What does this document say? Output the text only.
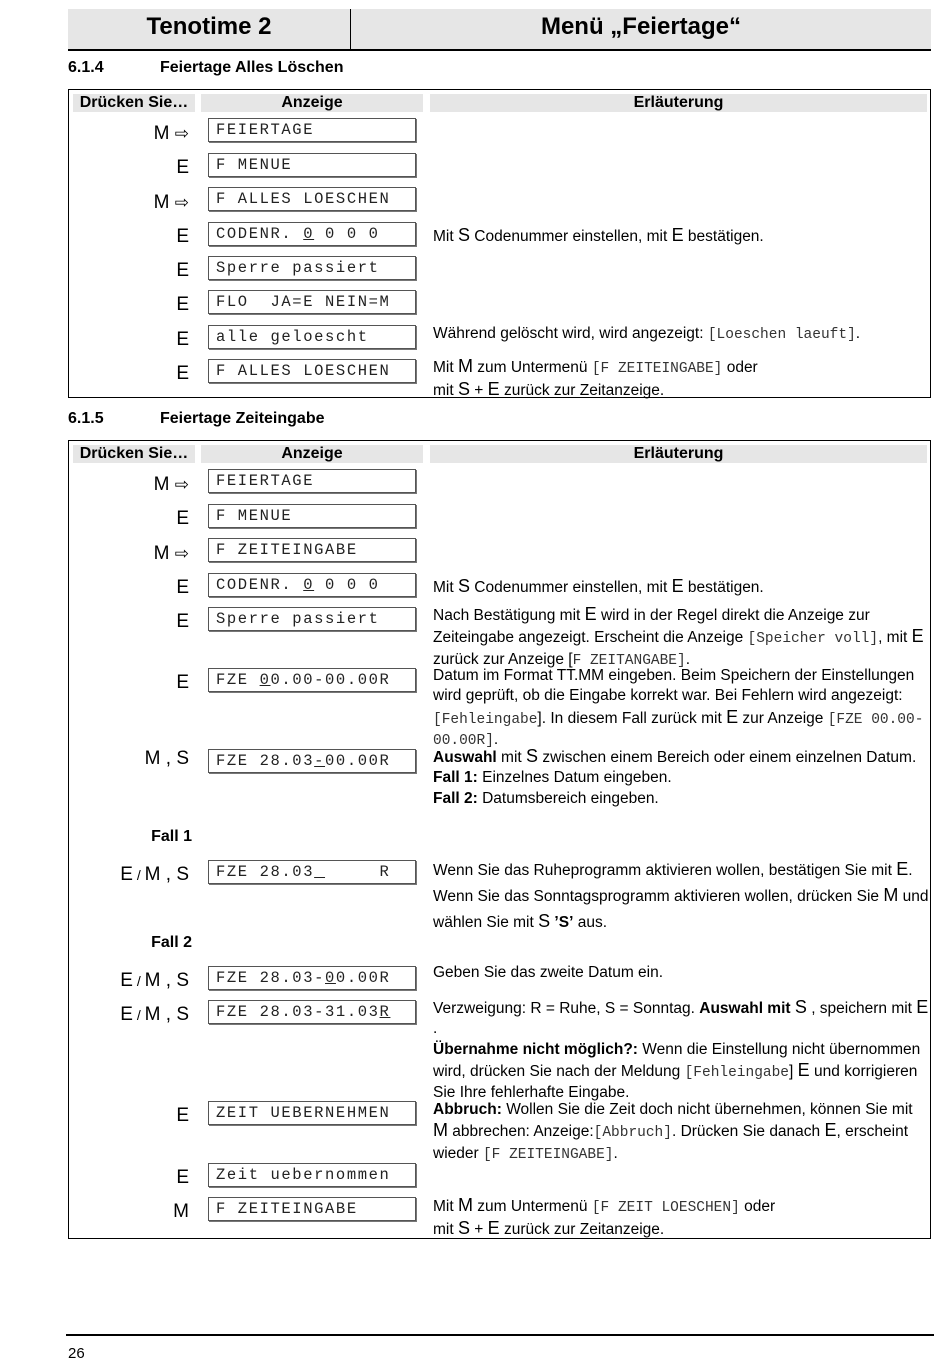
Tenotime 2	Menü „Feiertage“
6.1.4	Feiertage Alles Löschen
Drücken Sie…	Anzeige	Erläuterung
M ⇨	FEIERTAGE
E	F MENUE
M ⇨	F ALLES LOESCHEN
E	CODENR. 0 0 0 0	Mit S Codenummer einstellen, mit E bestätigen.
E	Sperre passiert
E	FLO  JA=E NEIN=M
E	alle geloescht	Während gelöscht wird, wird angezeigt: [Loeschen laeuft].
E	F ALLES LOESCHEN	Mit M zum Untermenü [F ZEITEINGABE] oder
mit S + E zurück zur Zeitanzeige.
6.1.5	Feiertage Zeiteingabe
Drücken Sie…	Anzeige	Erläuterung
M ⇨	FEIERTAGE
E	F MENUE
M ⇨	F ZEITEINGABE
E	CODENR. 0 0 0 0	Mit S Codenummer einstellen, mit E bestätigen.
E	Sperre passiert	Nach Bestätigung mit E wird in der Regel direkt die Anzeige zur Zeiteingabe angezeigt. Erscheint die Anzeige [Speicher voll], mit E zurück zur Anzeige [F ZEITANGABE].
E	FZE 00.00-00.00R	Datum im Format TT.MM eingeben. Beim Speichern der Einstellungen wird geprüft, ob die Eingabe korrekt war. Bei Fehlern wird angezeigt: [Fehleingabe]. In diesem Fall zurück mit E zur Anzeige [FZE 00.00-00.00R].
M , S	FZE 28.03-00.00R	Auswahl mit S zwischen einem Bereich oder einem einzelnen Datum.
Fall 1: Einzelnes Datum eingeben.
Fall 2: Datumsbereich eingeben.
Fall 1
E / M , S	FZE 28.03      R	Wenn Sie das Ruheprogramm aktivieren wollen, bestätigen Sie mit E. Wenn Sie das Sonntagsprogramm aktivieren wollen, drücken Sie M und wählen Sie mit S ’S’ aus.
Fall 2
E / M , S	FZE 28.03-00.00R	Geben Sie das zweite Datum ein.
E / M , S	FZE 28.03-31.03R	Verzweigung: R = Ruhe, S = Sonntag. Auswahl mit S , speichern mit E .
Übernahme nicht möglich?: Wenn die Einstellung nicht übernommen wird, drücken Sie nach der Meldung [Fehleingabe] E und korrigieren Sie Ihre fehlerhafte Eingabe.
E	ZEIT UEBERNEHMEN	Abbruch: Wollen Sie die Zeit doch nicht übernehmen, können Sie mit M abbrechen: Anzeige:[Abbruch]. Drücken Sie danach E, erscheint wieder [F ZEITEINGABE].
E	Zeit uebernommen
M	F ZEITEINGABE	Mit M zum Untermenü [F ZEIT LOESCHEN] oder
mit S + E zurück zur Zeitanzeige.
26
